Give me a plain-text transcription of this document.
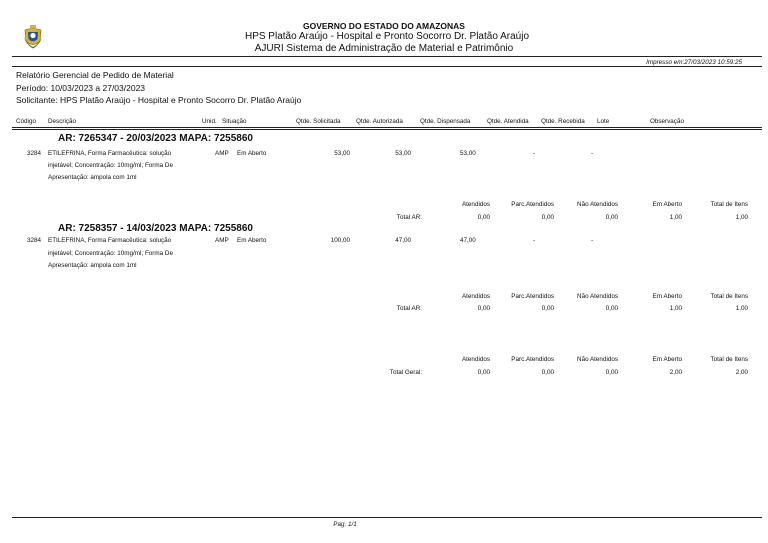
GOVERNO DO ESTADO DO AMAZONAS
HPS Platão Araújo - Hospital e Pronto Socorro Dr. Platão Araújo
AJURI Sistema de Administração de Material e Patrimônio
Impresso em:27/03/2023 10:59:25
Relatório Gerencial de Pedido de Material
Período: 10/03/2023 a 27/03/2023
Solicitante: HPS Platão Araújo - Hospital e Pronto Socorro Dr. Platão Araújo
Código Descrição	Unid. Situação	Qtde. Solicitada Qtde. Autorizada	Qtde. Dispensada	Qtde. Atendida Qtde. Recebida Lote	Observação
AR: 7265347 - 20/03/2023 MAPA: 7255860
3284 ETILEFRINA, Forma Farmacêutica: solução
injetável; Concentração: 10mg/ml; Forma De
Apresentação: ampola com 1ml
AMP Em Aberto	53,00	53,00	53,00	-	-
Atendidos	Parc.Atendidos	Não Atendidos	Em Aberto	Total de Itens
Total AR:	0,00	0,00	0,00	1,00	1,00
AR: 7258357 - 14/03/2023 MAPA: 7255860
3284 ETILEFRINA, Forma Farmacêutica: solução
injetável; Concentração: 10mg/ml; Forma De
Apresentação: ampola com 1ml
AMP Em Aberto	100,00	47,00	47,00	-	-
Atendidos	Parc.Atendidos	Não Atendidos	Em Aberto	Total de Itens
Total AR:	0,00	0,00	0,00	1,00	1,00
Atendidos	Parc.Atendidos	Não Atendidos	Em Aberto	Total de Itens
Total Geral:	0,00	0,00	0,00	2,00	2,00
Pag. 1/1
